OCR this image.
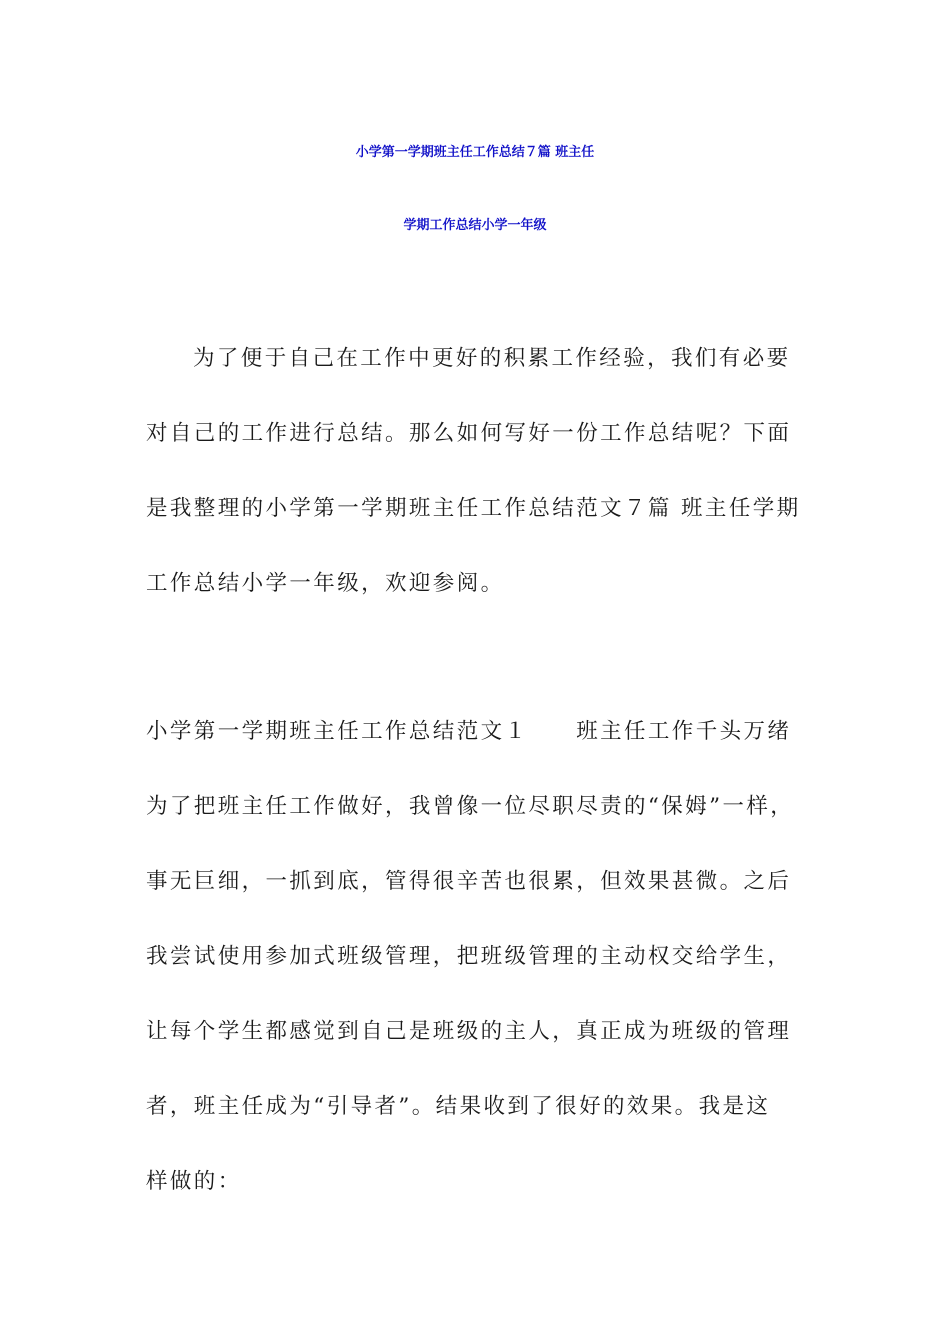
小学第一学期班主任工作总结７篇 班主任
学期工作总结小学一年级
为了便于自己在工作中更好的积累工作经验，我们有必要
对自己的工作进行总结。那么如何写好一份工作总结呢？下面
是我整理的小学第一学期班主任工作总结范文７篇 班主任学期
工作总结小学一年级，欢迎参阅。
小学第一学期班主任工作总结范文１　　班主任工作千头万绪
为了把班主任工作做好，我曾像一位尽职尽责的“保姆”一样，
事无巨细，一抓到底，管得很辛苦也很累，但效果甚微。之后
我尝试使用参加式班级管理，把班级管理的主动权交给学生，
让每个学生都感觉到自己是班级的主人，真正成为班级的管理
者，班主任成为“引导者”。结果收到了很好的效果。我是这
样做的：
